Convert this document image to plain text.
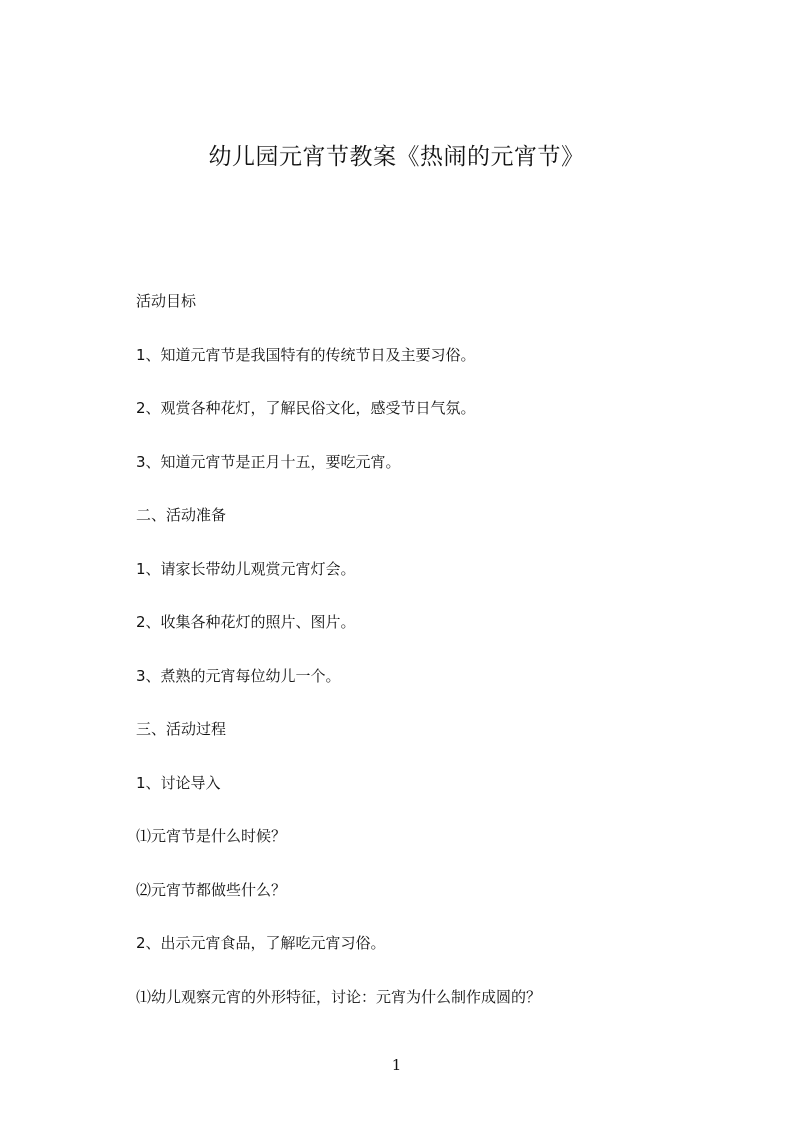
幼儿园元宵节教案《热闹的元宵节》
活动目标
1、知道元宵节是我国特有的传统节日及主要习俗。
2、观赏各种花灯，了解民俗文化，感受节日气氛。
3、知道元宵节是正月十五，要吃元宵。
二、活动准备
1、请家长带幼儿观赏元宵灯会。
2、收集各种花灯的照片、图片。
3、煮熟的元宵每位幼儿一个。
三、活动过程
1、讨论导入
⑴元宵节是什么时候？
⑵元宵节都做些什么？
2、出示元宵食品，了解吃元宵习俗。
⑴幼儿观察元宵的外形特征，讨论：元宵为什么制作成圆的？
1
